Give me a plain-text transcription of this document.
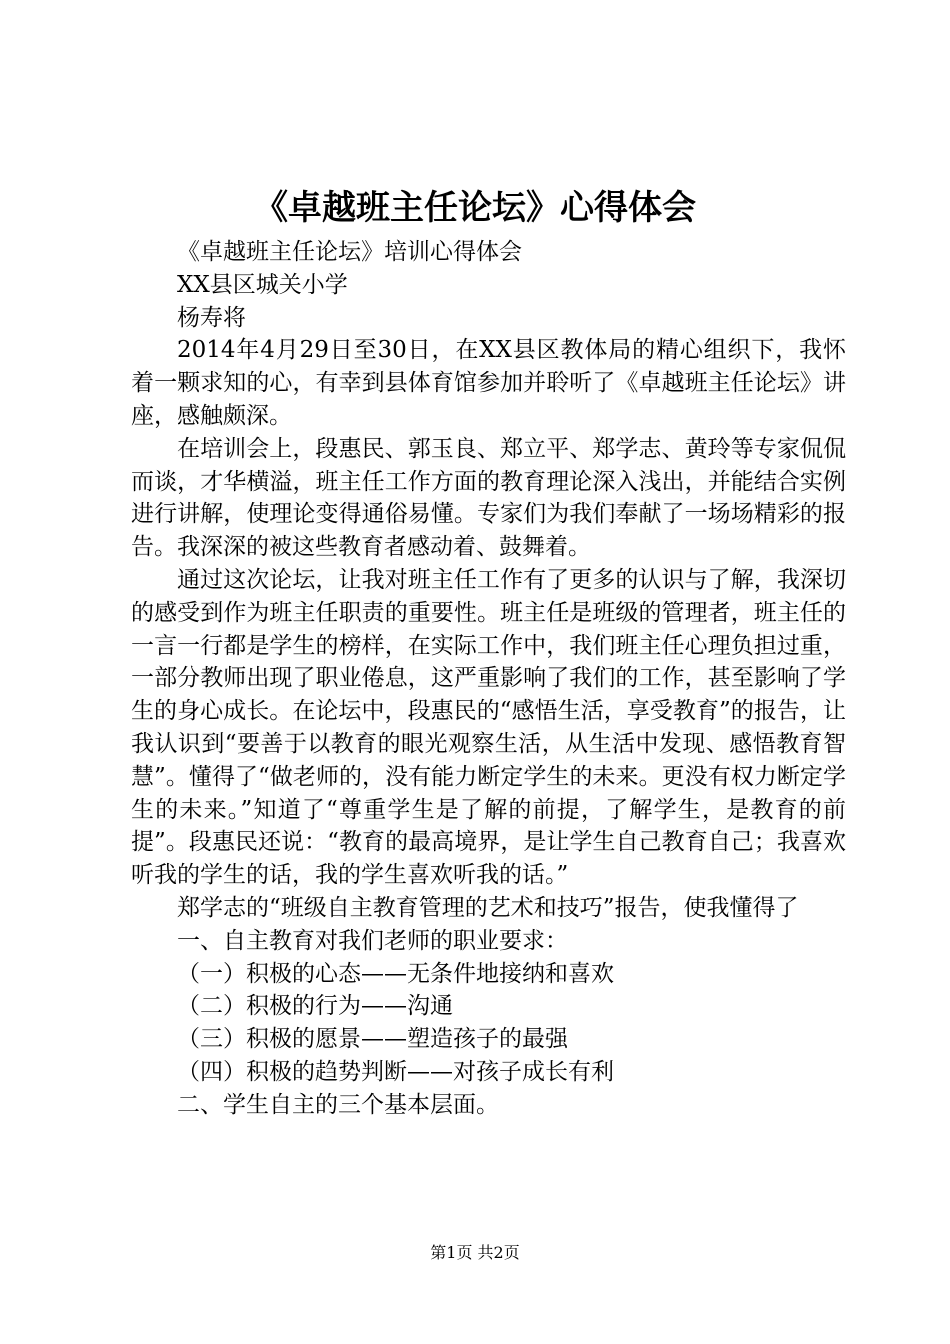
《卓越班主任论坛》心得体会

《卓越班主任论坛》培训心得体会

XX县区城关小学

杨寿将

2014年4月29日至30日，在XX县区教体局的精心组织下，我怀着一颗求知的心，有幸到县体育馆参加并聆听了《卓越班主任论坛》讲座，感触颇深。

在培训会上，段惠民、郭玉良、郑立平、郑学志、黄玲等专家侃侃而谈，才华横溢，班主任工作方面的教育理论深入浅出，并能结合实例进行讲解，使理论变得通俗易懂。专家们为我们奉献了一场场精彩的报告。我深深的被这些教育者感动着、鼓舞着。

通过这次论坛，让我对班主任工作有了更多的认识与了解，我深切的感受到作为班主任职责的重要性。班主任是班级的管理者，班主任的一言一行都是学生的榜样，在实际工作中，我们班主任心理负担过重，一部分教师出现了职业倦息，这严重影响了我们的工作，甚至影响了学生的身心成长。在论坛中，段惠民的“感悟生活，享受教育”的报告，让我认识到“要善于以教育的眼光观察生活，从生活中发现、感悟教育智慧”。懂得了“做老师的，没有能力断定学生的未来。更没有权力断定学生的未来。”知道了“尊重学生是了解的前提，了解学生，是教育的前提”。段惠民还说：“教育的最高境界，是让学生自己教育自己；我喜欢听我的学生的话，我的学生喜欢听我的话。”

郑学志的“班级自主教育管理的艺术和技巧”报告，使我懂得了

一、自主教育对我们老师的职业要求：

（一）积极的心态——无条件地接纳和喜欢

（二）积极的行为——沟通

（三）积极的愿景——塑造孩子的最强

（四）积极的趋势判断——对孩子成长有利

二、学生自主的三个基本层面。

第1页 共2页
